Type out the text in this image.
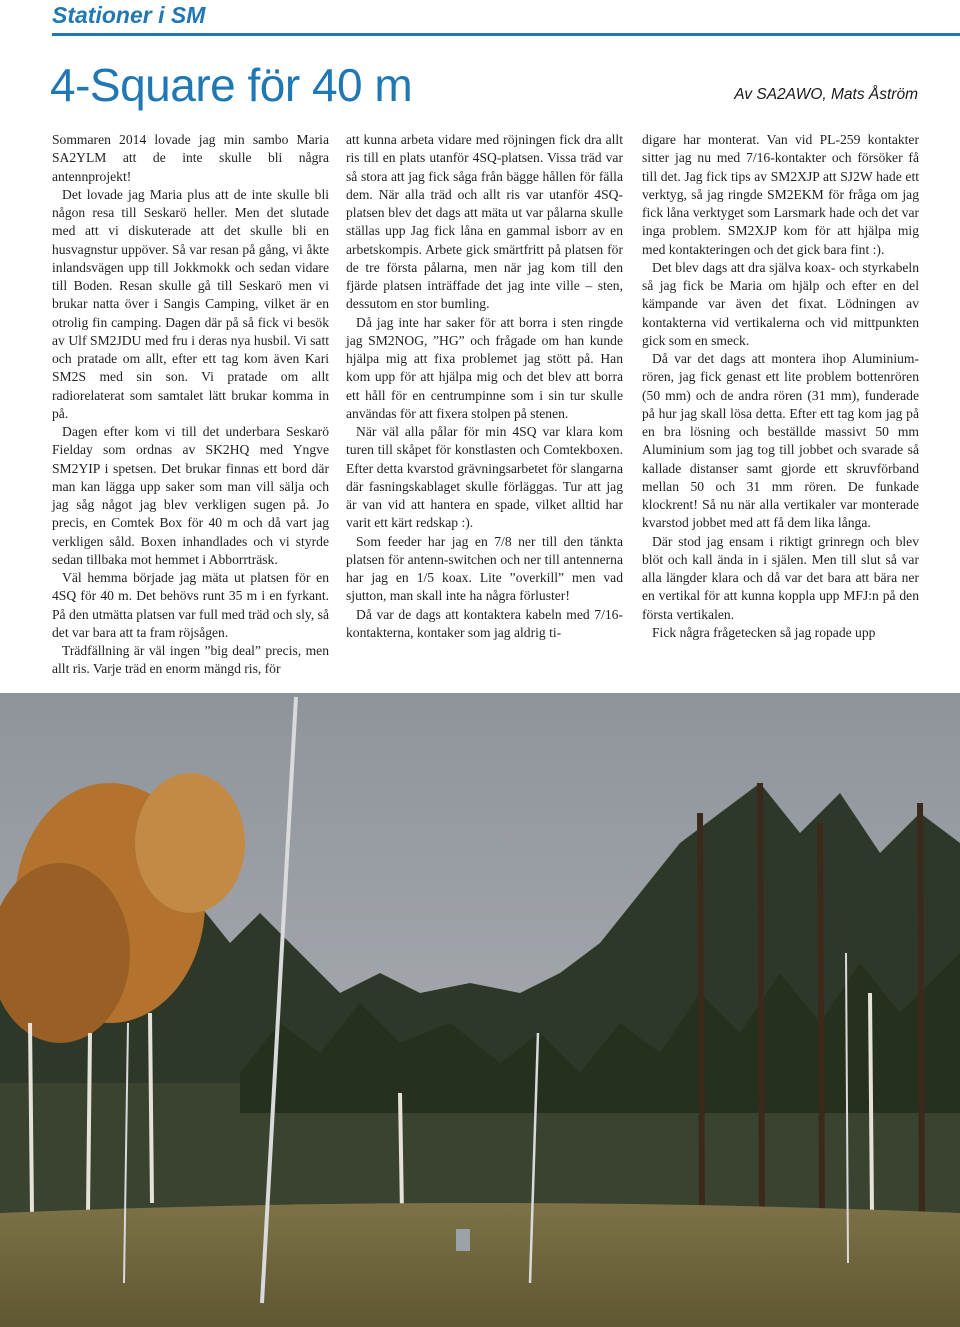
Stationer i SM
4-Square för 40 m	Av SA2AWO, Mats Åström

Sommaren 2014 lovade jag min sambo Maria SA2YLM att de inte skulle bli några antennprojekt!

Det lovade jag Maria plus att de inte skulle bli någon resa till Seskarö heller. Men det slutade med att vi diskuterade att det skulle bli en husvagnstur uppöver. Så var resan på gång, vi åkte inlandsvägen upp till Jokkmokk och sedan vidare till Boden. Resan skulle gå till Seskarö men vi brukar natta över i Sangis Camping, vilket är en otrolig fin camping. Dagen där på så fick vi besök av Ulf SM2JDU med fru i deras nya husbil. Vi satt och pratade om allt, efter ett tag kom även Kari SM2S med sin son. Vi pratade om allt radiorelaterat som samtalet lätt brukar komma in på.

Dagen efter kom vi till det underbara Seskarö Fielday som ordnas av SK2HQ med Yngve SM2YIP i spetsen. Det brukar finnas ett bord där man kan lägga upp saker som man vill sälja och jag såg något jag blev verkligen sugen på. Jo precis, en Comtek Box för 40 m och då vart jag verkligen såld. Boxen inhandlades och vi styrde sedan tillbaka mot hemmet i Abborrträsk.

Väl hemma började jag mäta ut platsen för en 4SQ för 40 m. Det behövs runt 35 m i en fyrkant. På den utmätta platsen var full med träd och sly, så det var bara att ta fram röjsågen.

Trädfällning är väl ingen ”big deal” precis, men allt ris. Varje träd en enorm mängd ris, för

att kunna arbeta vidare med röjningen fick dra allt ris till en plats utanför 4SQ-platsen. Vissa träd var så stora att jag fick såga från bägge hållen för fälla dem. När alla träd och allt ris var utanför 4SQ-platsen blev det dags att mäta ut var pålarna skulle ställas upp Jag fick låna en gammal isborr av en arbetskompis. Arbete gick smärtfritt på platsen för de tre första pålarna, men när jag kom till den fjärde platsen inträffade det jag inte ville – sten, dessutom en stor bumling.

Då jag inte har saker för att borra i sten ringde jag SM2NOG, ”HG” och frågade om han kunde hjälpa mig att fixa problemet jag stött på. Han kom upp för att hjälpa mig och det blev att borra ett håll för en centrumpinne som i sin tur skulle användas för att fixera stolpen på stenen.

När väl alla pålar för min 4SQ var klara kom turen till skåpet för konstlasten och Comtekboxen. Efter detta kvarstod grävningsarbetet för slangarna där fasningskablaget skulle förläggas. Tur att jag är van vid att hantera en spade, vilket alltid har varit ett kärt redskap :).

Som feeder har jag en 7/8 ner till den tänkta platsen för antenn-switchen och ner till antennerna har jag en 1/5 koax. Lite ”overkill” men vad sjutton, man skall inte ha några förluster!

Då var de dags att kontaktera kabeln med 7/16-kontakterna, kontaker som jag aldrig ti-

digare har monterat. Van vid PL-259 kontakter sitter jag nu med 7/16-kontakter och försöker få till det. Jag fick tips av SM2XJP att SJ2W hade ett verktyg, så jag ringde SM2EKM för fråga om jag fick låna verktyget som Larsmark hade och det var inga problem. SM2XJP kom för att hjälpa mig med kontakteringen och det gick bara fint :).

Det blev dags att dra själva koax- och styrkabeln så jag fick be Maria om hjälp och efter en del kämpande var även det fixat. Lödningen av kontakterna vid vertikalerna och vid mittpunkten gick som en smeck.

Då var det dags att montera ihop Aluminium-rören, jag fick genast ett lite problem bottenrören (50 mm) och de andra rören (31 mm), funderade på hur jag skall lösa detta. Efter ett tag kom jag på en bra lösning och beställde massivt 50 mm Aluminium som jag tog till jobbet och svarade så kallade distanser samt gjorde ett skruvförband mellan 50 och 31 mm rören. De funkade klockrent! Så nu när alla vertikaler var monterade kvarstod jobbet med att få dem lika långa.

Där stod jag ensam i riktigt grinregn och blev blöt och kall ända in i själen. Men till slut så var alla längder klara och då var det bara att bära ner en vertikal för att kunna koppla upp MFJ:n på den första vertikalen.

Fick några frågetecken så jag ropade upp
